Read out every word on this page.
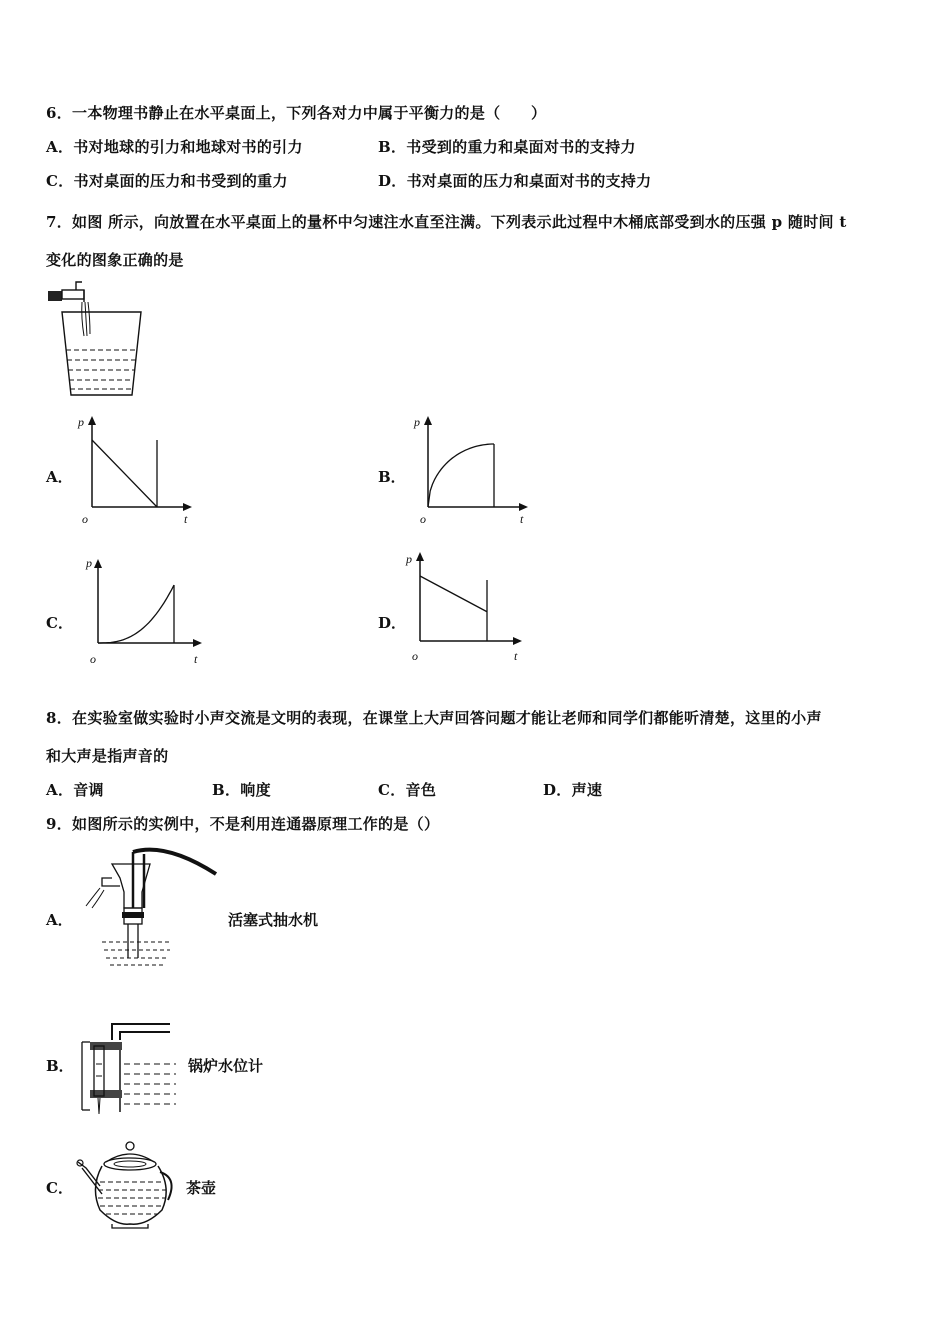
6．一本物理书静止在水平桌面上，下列各对力中属于平衡力的是（　　）
A．书对地球的引力和地球对书的引力	B．书受到的重力和桌面对书的支持力
C．书对桌面的压力和书受到的重力	D．书对桌面的压力和桌面对书的支持力
7．如图 所示，向放置在水平桌面上的量杯中匀速注水直至注满。下列表示此过程中木桶底部受到水的压强 p 随时间 t
变化的图象正确的是
A．	B．
C．	D．
p
t
o
p
t
o
p
t
o
p
t
o
8．在实验室做实验时小声交流是文明的表现，在课堂上大声回答问题才能让老师和同学们都能听清楚，这里的小声
和大声是指声音的
A．音调	B．响度	C．音色	D．声速
9．如图所示的实例中，不是利用连通器原理工作的是（）
A．	活塞式抽水机
B．	锅炉水位计
C．	茶壶
